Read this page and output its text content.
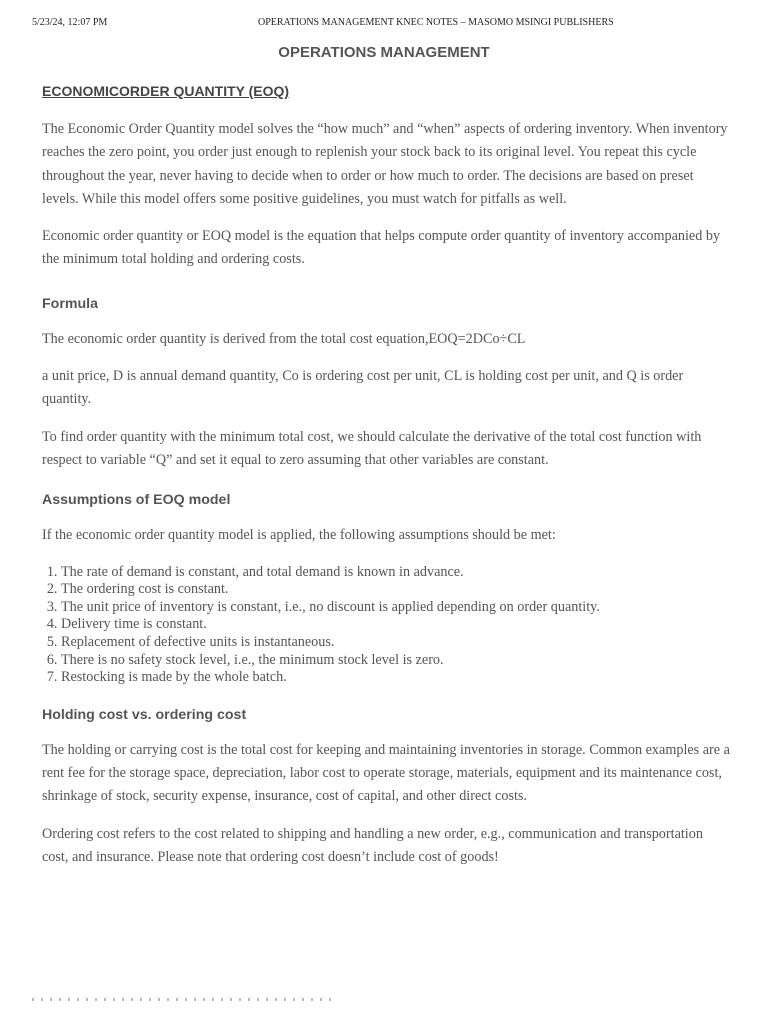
5/23/24, 12:07 PM	OPERATIONS MANAGEMENT KNEC NOTES – MASOMO MSINGI PUBLISHERS
OPERATIONS MANAGEMENT
ECONOMICORDER QUANTITY (EOQ)

The Economic Order Quantity model solves the “how much” and “when” aspects of ordering inventory. When inventory reaches the zero point, you order just enough to replenish your stock back to its original level. You repeat this cycle throughout the year, never having to decide when to order or how much to order. The decisions are based on preset levels. While this model offers some positive guidelines, you must watch for pitfalls as well.

Economic order quantity or EOQ model is the equation that helps compute order quantity of inventory accompanied by the minimum total holding and ordering costs.

Formula

The economic order quantity is derived from the total cost equation,EOQ=2DCo÷CL

a unit price, D is annual demand quantity, Co is ordering cost per unit, CL is holding cost per unit, and Q is order quantity.

To find order quantity with the minimum total cost, we should calculate the derivative of the total cost function with respect to variable “Q” and set it equal to zero assuming that other variables are constant.

Assumptions of EOQ model

If the economic order quantity model is applied, the following assumptions should be met:

1. The rate of demand is constant, and total demand is known in advance.
2. The ordering cost is constant.
3. The unit price of inventory is constant, i.e., no discount is applied depending on order quantity.
4. Delivery time is constant.
5. Replacement of defective units is instantaneous.
6. There is no safety stock level, i.e., the minimum stock level is zero.
7. Restocking is made by the whole batch.
Holding cost vs. ordering cost

The holding or carrying cost is the total cost for keeping and maintaining inventories in storage. Common examples are a rent fee for the storage space, depreciation, labor cost to operate storage, materials, equipment and its maintenance cost, shrinkage of stock, security expense, insurance, cost of capital, and other direct costs.

Ordering cost refers to the cost related to shipping and handling a new order, e.g., communication and transportation cost, and insurance. Please note that ordering cost doesn’t include cost of goods!
